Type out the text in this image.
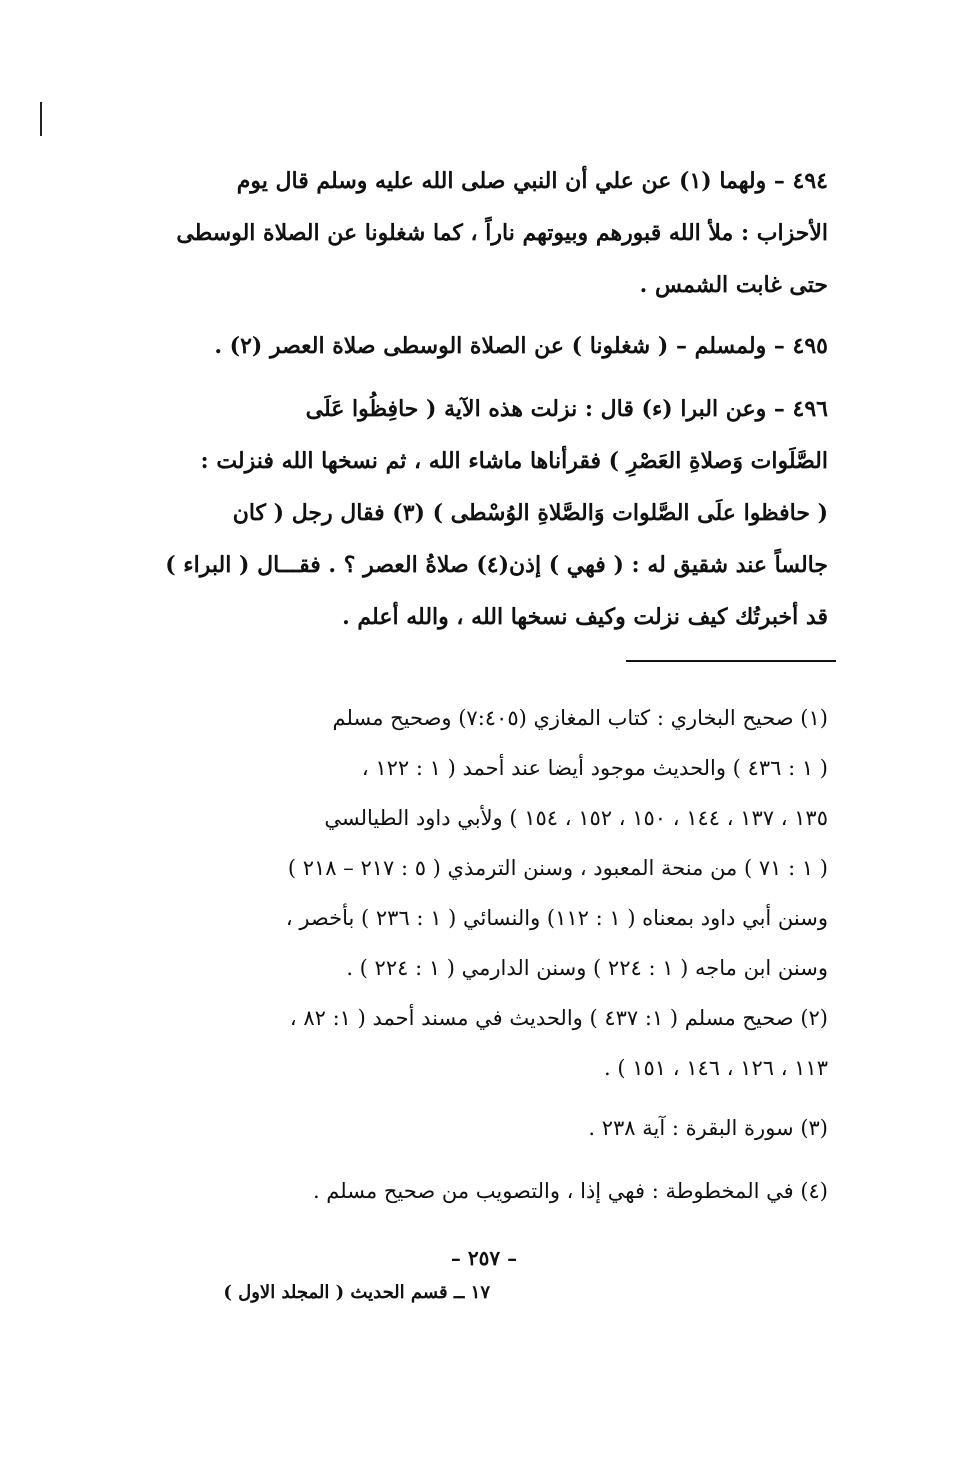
٤٩٤ – ولهما (١) عن علي أن النبي صلى الله عليه وسلم قال يوم
الأحزاب : ملأ الله قبورهم وبيوتهم ناراً ، كما شغلونا عن الصلاة الوسطى
حتى غابت الشمس .
٤٩٥ – ولمسلم – ( شغلونا ) عن الصلاة الوسطى صلاة العصر (٢) .
٤٩٦ – وعن البرا (ء) قال : نزلت هذه الآية ( حافِظُوا عَلَى
الصَّلَوات وَصلاةِ العَصْرِ ) فقرأناها ماشاء الله ، ثم نسخها الله فنزلت :
( حافظوا علَى الصَّلوات وَالصَّلاةِ الوُسْطى ) (٣) فقال رجل ( كان
جالساً عند شقيق له : ( فهي ) إذن(٤) صلاةُ العصر ؟ . فقـــال ( البراء )
قد أخبرتُك كيف نزلت وكيف نسخها الله ، والله أعلم .
(١) صحيح البخاري : كتاب المغازي (٧:٤٠٥) وصحيح مسلم
( ١ : ٤٣٦ ) والحديث موجود أيضا عند أحمد ( ١ : ١٢٢ ،
١٣٥ ، ١٣٧ ، ١٤٤ ، ١٥٠ ، ١٥٢ ، ١٥٤ ) ولأبي داود الطيالسي
( ١ : ٧١ ) من منحة المعبود ، وسنن الترمذي ( ٥ : ٢١٧ – ٢١٨ )
وسنن أبي داود بمعناه ( ١ : ١١٢) والنسائي ( ١ : ٢٣٦ ) بأخصر ،
وسنن ابن ماجه ( ١ : ٢٢٤ ) وسنن الدارمي ( ١ : ٢٢٤ ) .
(٢) صحيح مسلم ( ١: ٤٣٧ ) والحديث في مسند أحمد ( ١: ٨٢ ،
١١٣ ، ١٢٦ ، ١٤٦ ، ١٥١ ) .
(٣) سورة البقرة : آية ٢٣٨ .
(٤) في المخطوطة : فهي إذا ، والتصويب من صحيح مسلم .
– ٢٥٧ –
١٧ ــ قسم الحديث ( المجلد الاول )
